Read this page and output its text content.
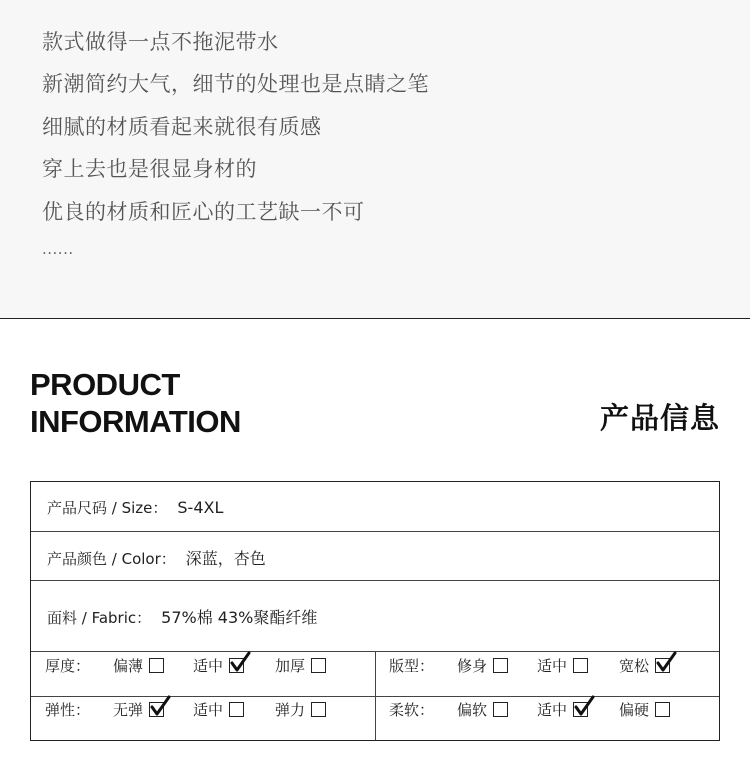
款式做得一点不拖泥带水
新潮简约大气，细节的处理也是点睛之笔
细腻的材质看起来就很有质感
穿上去也是很显身材的
优良的材质和匠心的工艺缺一不可
......
PRODUCT
INFORMATION	产品信息
产品尺码 / Size： S-4XL
产品颜色 / Color： 深蓝，杏色
面料 / Fabric： 57%棉 43%聚酯纤维
厚度： 偏薄	适中	加厚	版型： 修身	适中	宽松
弹性： 无弹	适中	弹力	柔软： 偏软	适中	偏硬
